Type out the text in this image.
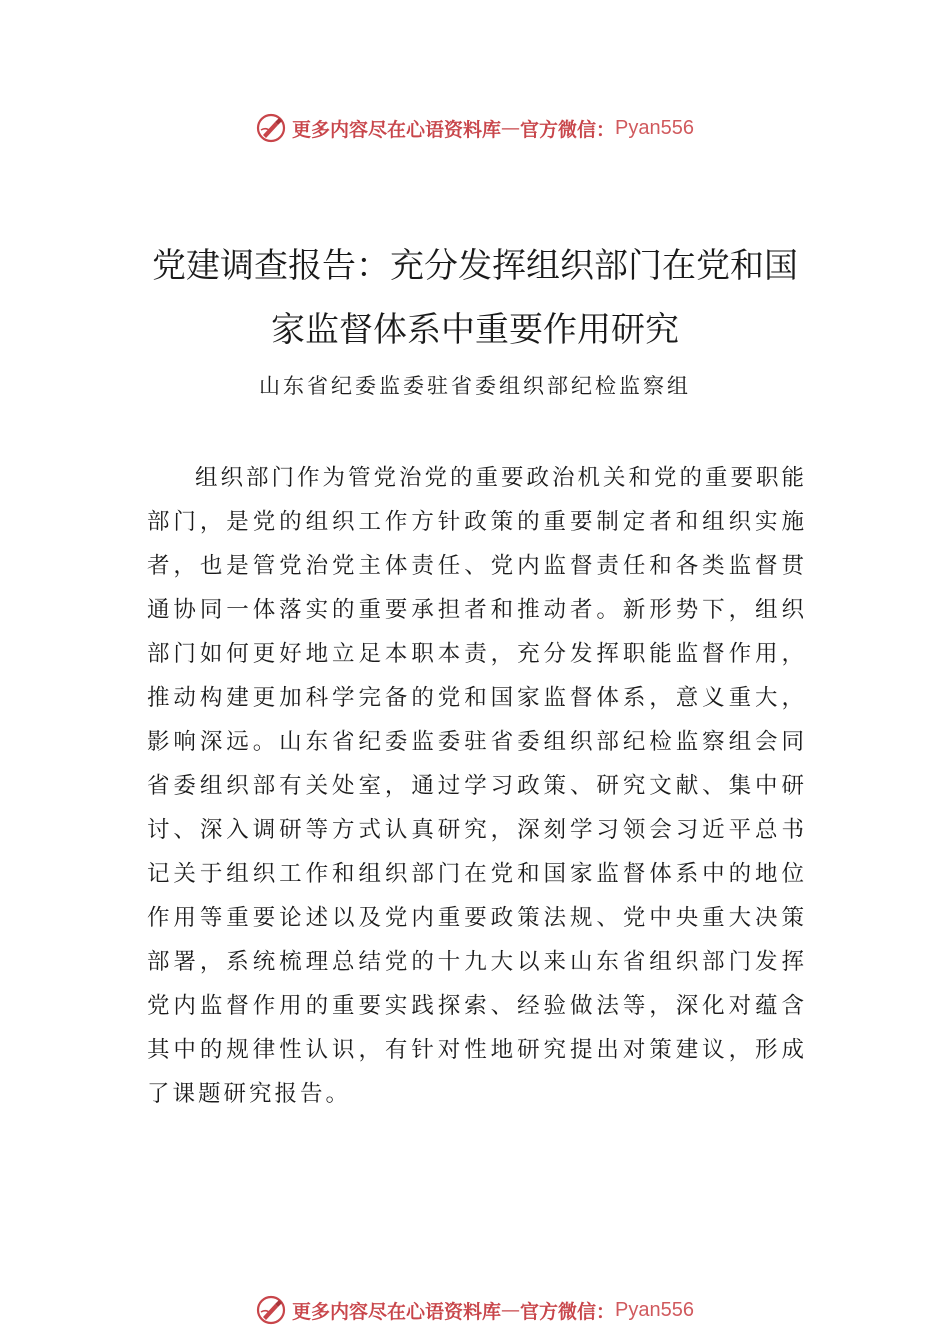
更多内容尽在心语资料库 — 官方微信： Pyan556
党建调查报告：充分发挥组织部门在党和国家监督体系中重要作用研究
山东省纪委监委驻省委组织部纪检监察组

组织部门作为管党治党的重要政治机关和党的重要职能部门，是党的组织工作方针政策的重要制定者和组织实施者，也是管党治党主体责任、党内监督责任和各类监督贯通协同一体落实的重要承担者和推动者。新形势下，组织部门如何更好地立足本职本责，充分发挥职能监督作用，推动构建更加科学完备的党和国家监督体系，意义重大，影响深远。山东省纪委监委驻省委组织部纪检监察组会同省委组织部有关处室，通过学习政策、研究文献、集中研讨、深入调研等方式认真研究，深刻学习领会习近平总书记关于组织工作和组织部门在党和国家监督体系中的地位作用等重要论述以及党内重要政策法规、党中央重大决策部署，系统梳理总结党的十九大以来山东省组织部门发挥党内监督作用的重要实践探索、经验做法等，深化对蕴含其中的规律性认识，有针对性地研究提出对策建议，形成了课题研究报告。

更多内容尽在心语资料库 — 官方微信： Pyan556
